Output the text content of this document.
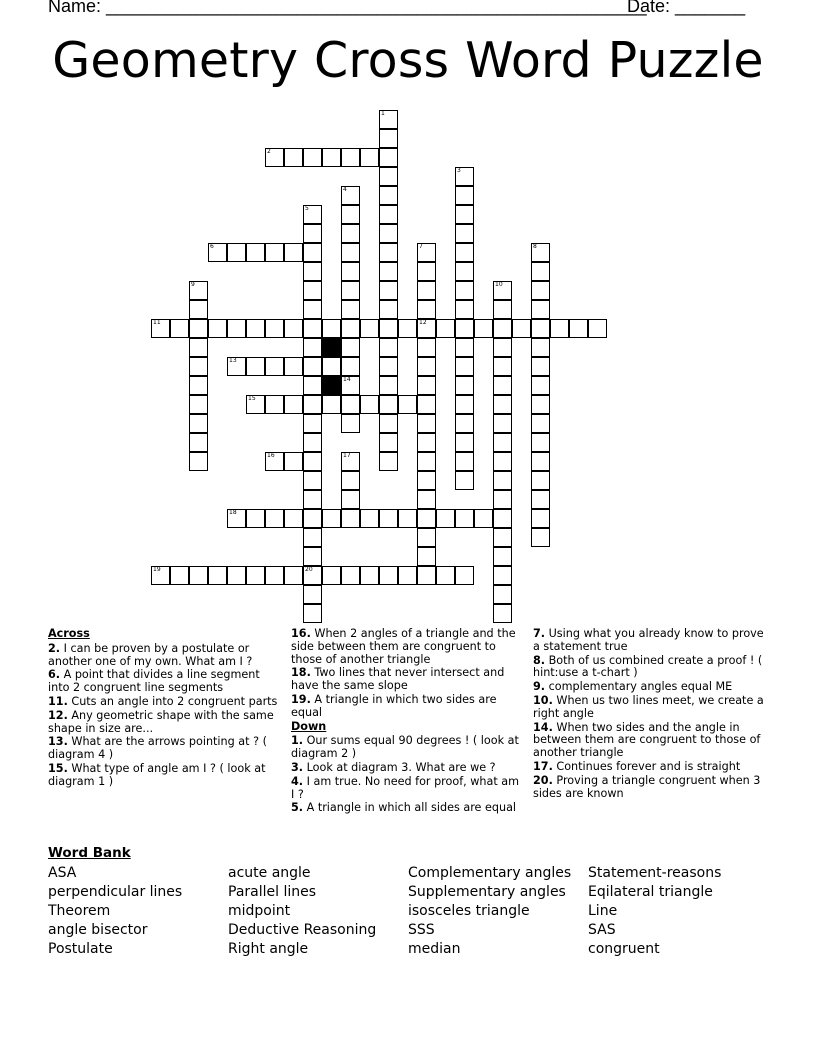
Name: ______________________________________________________
Date: _______
Geometry Cross Word Puzzle
1
2
3
4
14
5
20
6	7
12
8
9	10
11
13
15
16	17
18
19
Across
2. I can be proven by a postulate or another one of my own. What am I ?
6. A point that divides a line segment into 2 congruent line segments
11. Cuts an angle into 2 congruent parts
12. Any geometric shape with the same shape in size are...
13. What are the arrows pointing at ? ( diagram 4 )
15. What type of angle am I ? ( look at diagram 1 )
16. When 2 angles of a triangle and the side between them are congruent to those of another triangle
18. Two lines that never intersect and have the same slope
19. A triangle in which two sides are equal
Down
1. Our sums equal 90 degrees ! ( look at diagram 2 )
3. Look at diagram 3. What are we ?
4. I am true. No need for proof, what am I ?
5. A triangle in which all sides are equal
7. Using what you already know to prove a statement true
8. Both of us combined create a proof ! ( hint:use a t-chart )
9. complementary angles equal ME
10. When us two lines meet, we create a right angle
14. When two sides and the angle in between them are congruent to those of another triangle
17. Continues forever and is straight
20. Proving a triangle congruent when 3 sides are known
Word Bank
ASA	acute angle	Complementary angles	Statement-reasons
perpendicular lines	Parallel lines	Supplementary angles	Eqilateral triangle
Theorem	midpoint	isosceles triangle	Line
angle bisector	Deductive Reasoning	SSS	SAS
Postulate	Right angle	median	congruent
